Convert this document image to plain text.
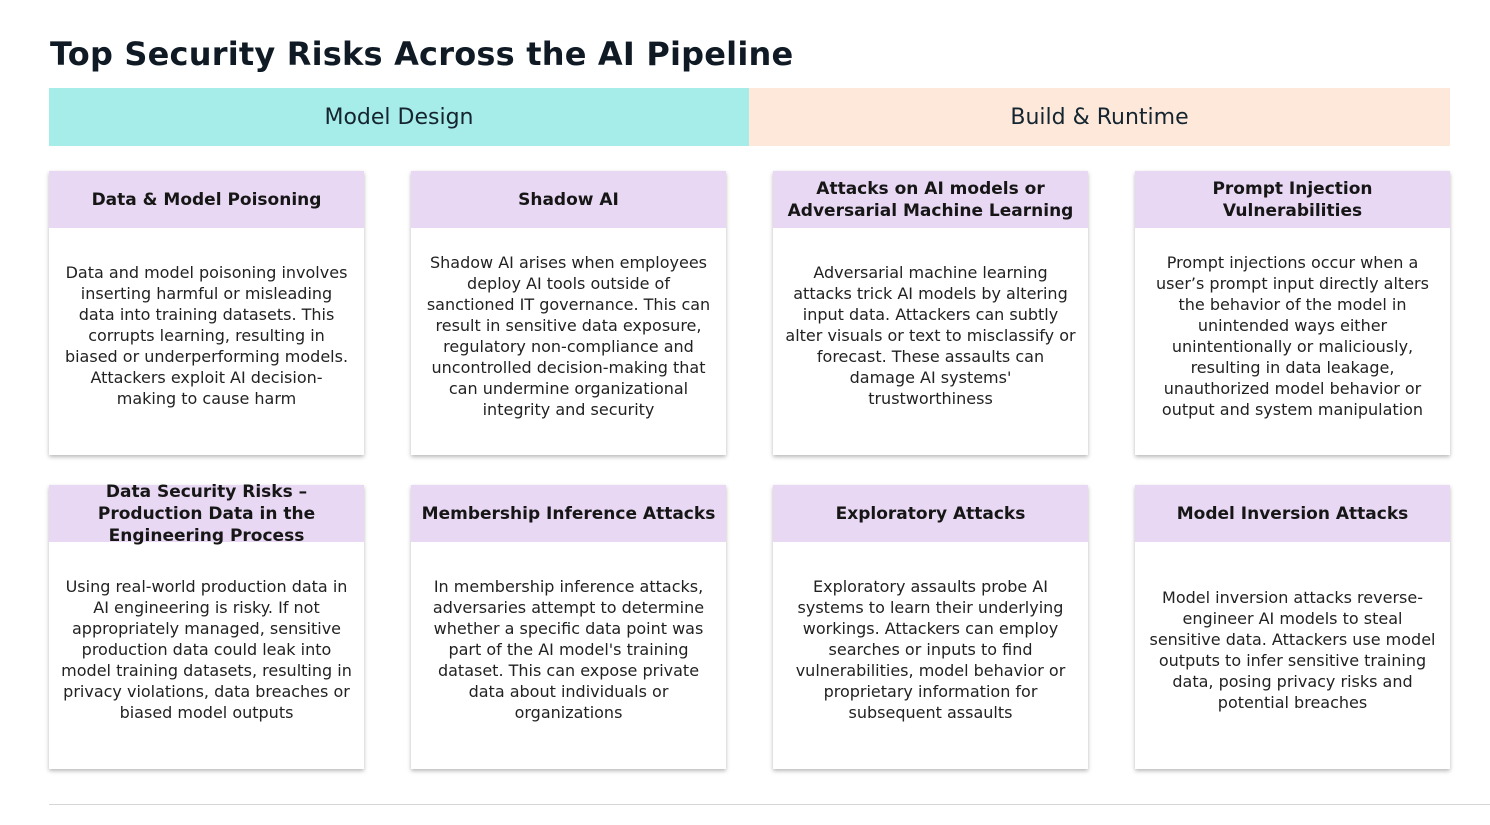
Top Security Risks Across the AI Pipeline
Model Design	Build & Runtime
Data & Model Poisoning
Data and model poisoning involves inserting harmful or misleading data into training datasets. This corrupts learning, resulting in biased or underperforming models. Attackers exploit AI decision-making to cause harm
Shadow AI
Shadow AI arises when employees deploy AI tools outside of sanctioned IT governance. This can result in sensitive data exposure, regulatory non-compliance and uncontrolled decision-making that can undermine organizational integrity and security
Attacks on AI models or Adversarial Machine Learning
Adversarial machine learning attacks trick AI models by altering input data. Attackers can subtly alter visuals or text to misclassify or forecast. These assaults can damage AI systems' trustworthiness
Prompt Injection Vulnerabilities
Prompt injections occur when a user’s prompt input directly alters the behavior of the model in unintended ways either unintentionally or maliciously, resulting in data leakage, unauthorized model behavior or output and system manipulation
Data Security Risks – Production Data in the Engineering Process
Using real-world production data in AI engineering is risky. If not appropriately managed, sensitive production data could leak into model training datasets, resulting in privacy violations, data breaches or biased model outputs
Membership Inference Attacks
In membership inference attacks, adversaries attempt to determine whether a specific data point was part of the AI model's training dataset. This can expose private data about individuals or organizations
Exploratory Attacks
Exploratory assaults probe AI systems to learn their underlying workings. Attackers can employ searches or inputs to find vulnerabilities, model behavior or proprietary information for subsequent assaults
Model Inversion Attacks
Model inversion attacks reverse-engineer AI models to steal sensitive data. Attackers use model outputs to infer sensitive training data, posing privacy risks and potential breaches
